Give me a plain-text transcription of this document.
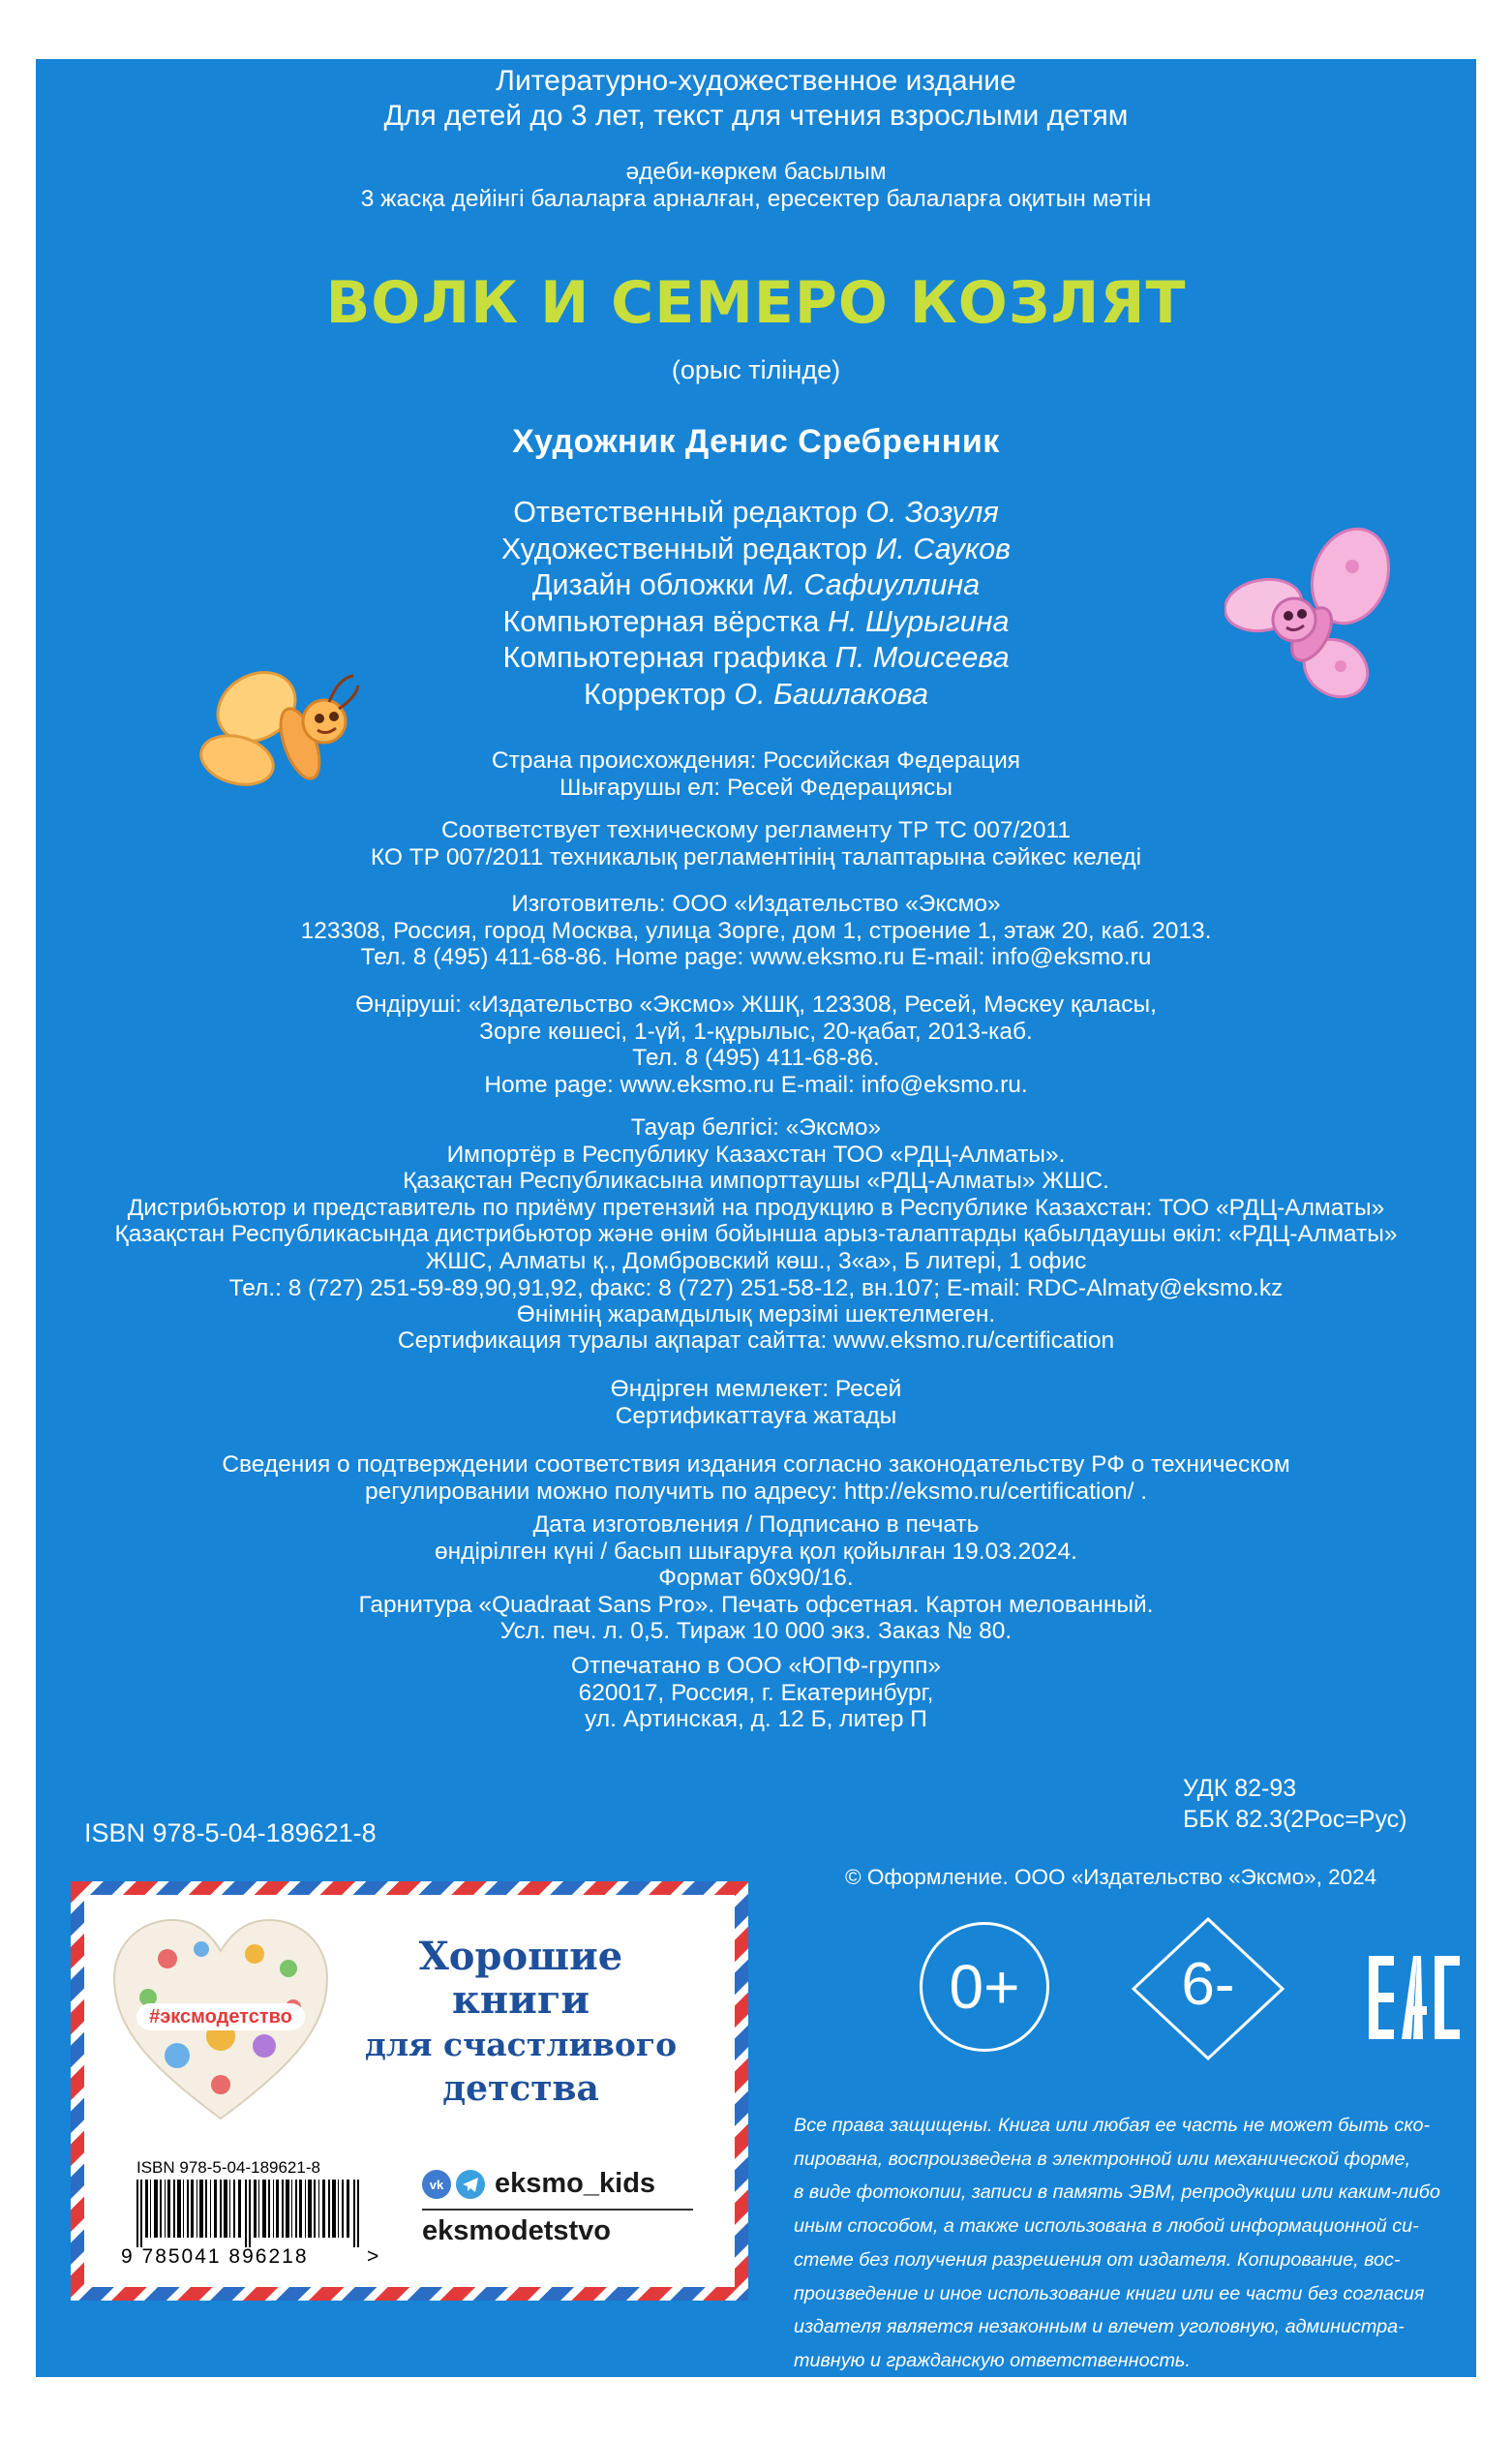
Литературно-художественное издание
Для детей до 3 лет, текст для чтения взрослыми детям
әдеби-көркем басылым
3 жасқа дейінгі балаларға арналған, ересектер балаларға оқитын мәтін
ВОЛК И СЕМЕРО КОЗЛЯТ
(орыс тілінде)
Художник Денис Сребренник
Ответственный редактор О. Зозуля
Художественный редактор И. Сауков
Дизайн обложки М. Сафиуллина
Компьютерная вёрстка Н. Шурыгина
Компьютерная графика П. Моисеева
Корректор О. Башлакова
Страна происхождения: Российская Федерация
Шығарушы ел: Ресей Федерациясы
Соответствует техническому регламенту ТР ТС 007/2011
КО ТР 007/2011 техникалық регламентінің талаптарына сәйкес келеді
Изготовитель: ООО «Издательство «Эксмо»
123308, Россия, город Москва, улица Зорге, дом 1, строение 1, этаж 20, каб. 2013.
Тел. 8 (495) 411-68-86. Home page: www.eksmo.ru E-mail: info@eksmo.ru
Өндіруші: «Издательство «Эксмо» ЖШҚ, 123308, Ресей, Мәскеу қаласы,
Зорге көшесі, 1-үй, 1-құрылыс, 20-қабат, 2013-каб.
Тел. 8 (495) 411-68-86.
Home page: www.eksmo.ru E-mail: info@eksmo.ru.
Тауар белгісі: «Эксмо»
Импортёр в Республику Казахстан ТОО «РДЦ-Алматы».
Қазақстан Республикасына импорттаушы «РДЦ-Алматы» ЖШС.
Дистрибьютор и представитель по приёму претензий на продукцию в Республике Казахстан: ТОО «РДЦ-Алматы»
Қазақстан Республикасында дистрибьютор және өнім бойынша арыз-талаптарды қабылдаушы өкіл: «РДЦ-Алматы»
ЖШС, Алматы қ., Домбровский көш., 3«а», Б литері, 1 офис
Тел.: 8 (727) 251-59-89,90,91,92, факс: 8 (727) 251-58-12, вн.107; E-mail: RDC-Almaty@eksmo.kz
Өнімнің жарамдылық мерзімі шектелмеген.
Сертификация туралы ақпарат сайтта: www.eksmo.ru/certification
Өндірген мемлекет: Ресей
Сертификаттауға жатады
Сведения о подтверждении соответствия издания согласно законодательству РФ о техническом
регулировании можно получить по адресу: http://eksmo.ru/certification/ .
Дата изготовления / Подписано в печать
өндірілген күні / басып шығаруға қол қойылған 19.03.2024.
Формат 60x90/16.
Гарнитура «Quadraat Sans Pro». Печать офсетная. Картон мелованный.
Усл. печ. л. 0,5. Тираж 10 000 экз. Заказ № 80.
Отпечатано в ООО «ЮПФ-групп»
620017, Россия, г. Екатеринбург,
ул. Артинская, д. 12 Б, литер П
УДК 82-93
ББК 82.3(2Рос=Рус)
ISBN 978-5-04-189621-8
© Оформление. ООО «Издательство «Эксмо», 2024
0+	6-
Все права защищены. Книга или любая ее часть не может быть ско-
пирована, воспроизведена в электронной или механической форме,
в виде фотокопии, записи в память ЭВМ, репродукции или каким-либо
иным способом, а также использована в любой информационной си-
стеме без получения разрешения от издателя. Копирование, вос-
произведение и иное использование книги или ее части без согласия
издателя является незаконным и влечет уголовную, администра-
тивную и гражданскую ответственность.
#эксмодетство
Хорошие
книги
для счастливого
детства
ISBN 978-5-04-189621-8
9 785041 896218	>
vk eksmo_kids
eksmodetstvo
